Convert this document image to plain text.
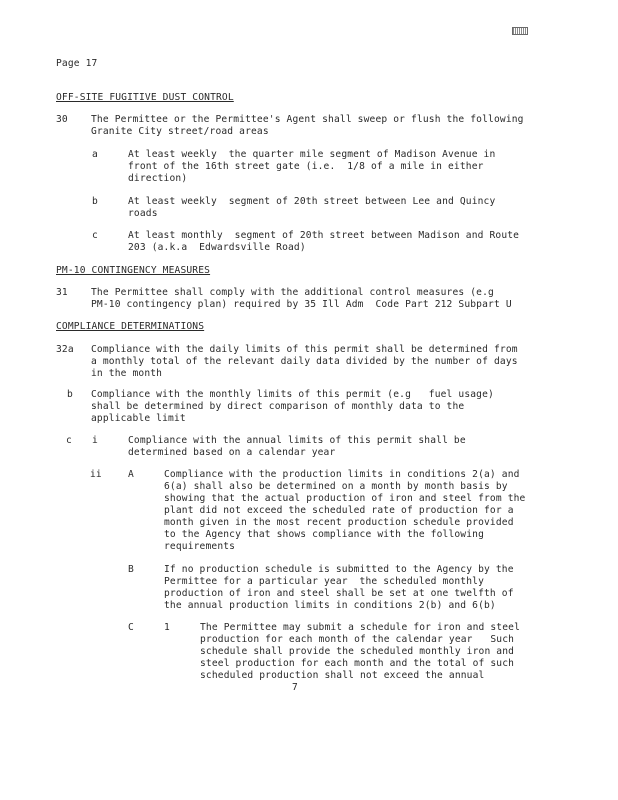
Page 17
OFF-SITE FUGITIVE DUST CONTROL
30 The Permittee or the Permittee's Agent shall sweep or flush the following
Granite City street/road areas
a	At least weekly  the quarter mile segment of Madison Avenue in
front of the 16th street gate (i.e.  1/8 of a mile in either
direction)
b	At least weekly  segment of 20th street between Lee and Quincy
roads
c	At least monthly  segment of 20th street between Madison and Route
203 (a.k.a  Edwardsville Road)
PM-10 CONTINGENCY MEASURES
31 The Permittee shall comply with the additional control measures (e.g
PM-10 contingency plan) required by 35 Ill Adm  Code Part 212 Subpart U
COMPLIANCE DETERMINATIONS
32a Compliance with the daily limits of this permit shall be determined from
a monthly total of the relevant daily data divided by the number of days
in the month
b Compliance with the monthly limits of this permit (e.g   fuel usage)
shall be determined by direct comparison of monthly data to the
applicable limit
c i	Compliance with the annual limits of this permit shall be
determined based on a calendar year
ii	A	Compliance with the production limits in conditions 2(a) and
6(a) shall also be determined on a month by month basis by
showing that the actual production of iron and steel from the
plant did not exceed the scheduled rate of production for a
month given in the most recent production schedule provided
to the Agency that shows compliance with the following
requirements
B	If no production schedule is submitted to the Agency by the
Permittee for a particular year  the scheduled monthly
production of iron and steel shall be set at one twelfth of
the annual production limits in conditions 2(b) and 6(b)
C	1	The Permittee may submit a schedule for iron and steel
production for each month of the calendar year   Such
schedule shall provide the scheduled monthly iron and
steel production for each month and the total of such
scheduled production shall not exceed the annual
7
